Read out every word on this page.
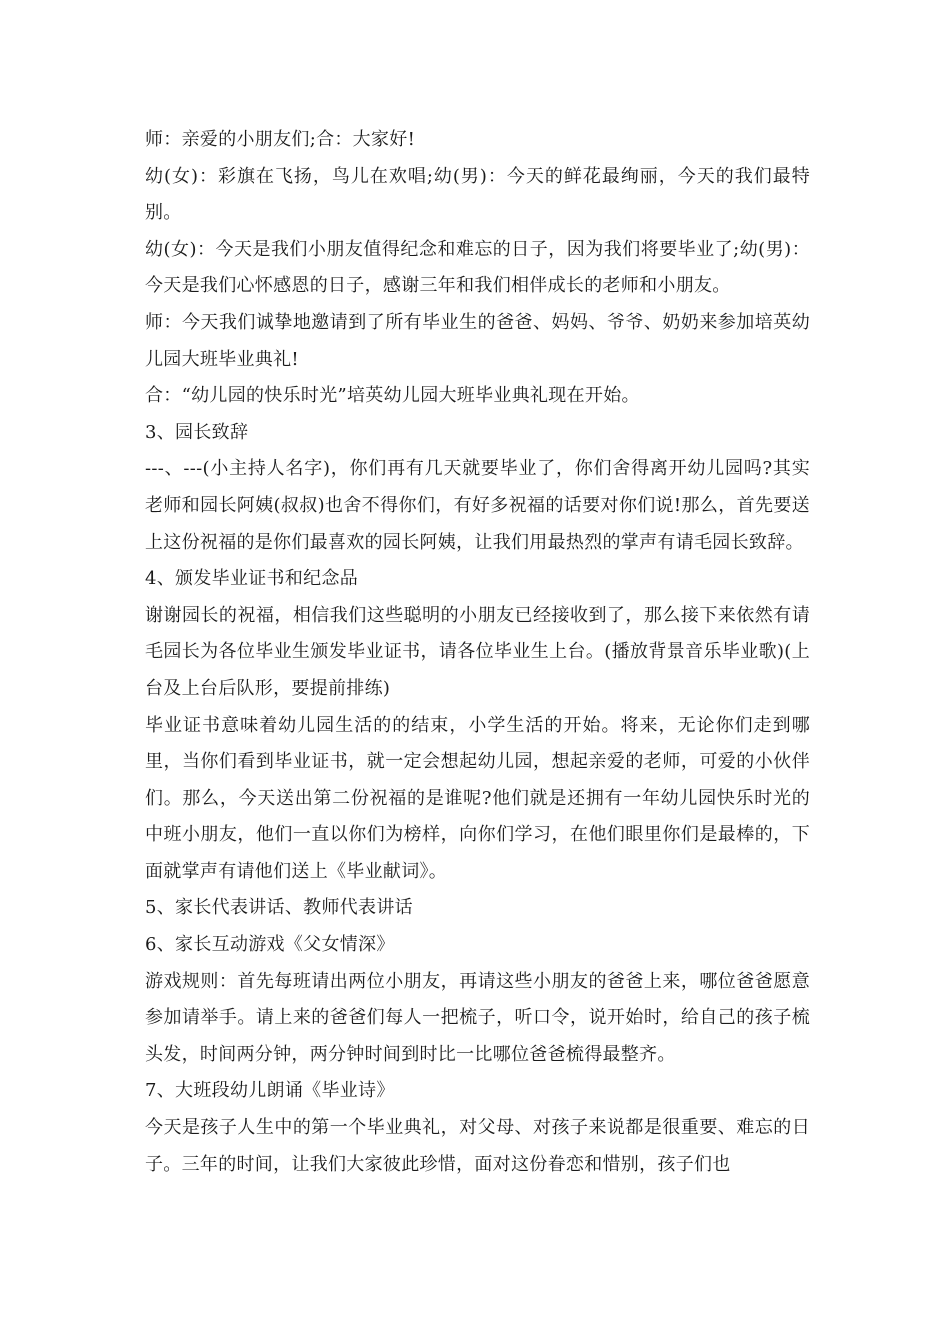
师：亲爱的小朋友们;合：大家好!

幼(女)：彩旗在飞扬，鸟儿在欢唱;幼(男)：今天的鲜花最绚丽，今天的我们最特别。

幼(女)：今天是我们小朋友值得纪念和难忘的日子，因为我们将要毕业了;幼(男)：今天是我们心怀感恩的日子，感谢三年和我们相伴成长的老师和小朋友。

师：今天我们诚挚地邀请到了所有毕业生的爸爸、妈妈、爷爷、奶奶来参加培英幼儿园大班毕业典礼!

合：“幼儿园的快乐时光”培英幼儿园大班毕业典礼现在开始。

3、园长致辞

---、---(小主持人名字)，你们再有几天就要毕业了，你们舍得离开幼儿园吗?其实老师和园长阿姨(叔叔)也舍不得你们，有好多祝福的话要对你们说!那么，首先要送上这份祝福的是你们最喜欢的园长阿姨，让我们用最热烈的掌声有请毛园长致辞。

4、颁发毕业证书和纪念品

谢谢园长的祝福，相信我们这些聪明的小朋友已经接收到了，那么接下来依然有请毛园长为各位毕业生颁发毕业证书，请各位毕业生上台。(播放背景音乐毕业歌)(上台及上台后队形，要提前排练)

毕业证书意味着幼儿园生活的的结束，小学生活的开始。将来，无论你们走到哪里，当你们看到毕业证书，就一定会想起幼儿园，想起亲爱的老师，可爱的小伙伴们。那么，今天送出第二份祝福的是谁呢?他们就是还拥有一年幼儿园快乐时光的中班小朋友，他们一直以你们为榜样，向你们学习，在他们眼里你们是最棒的，下面就掌声有请他们送上《毕业献词》。

5、家长代表讲话、教师代表讲话

6、家长互动游戏《父女情深》

游戏规则：首先每班请出两位小朋友，再请这些小朋友的爸爸上来，哪位爸爸愿意参加请举手。请上来的爸爸们每人一把梳子，听口令，说开始时，给自己的孩子梳头发，时间两分钟，两分钟时间到时比一比哪位爸爸梳得最整齐。

7、大班段幼儿朗诵《毕业诗》

今天是孩子人生中的第一个毕业典礼，对父母、对孩子来说都是很重要、难忘的日子。三年的时间，让我们大家彼此珍惜，面对这份眷恋和惜别，孩子们也
